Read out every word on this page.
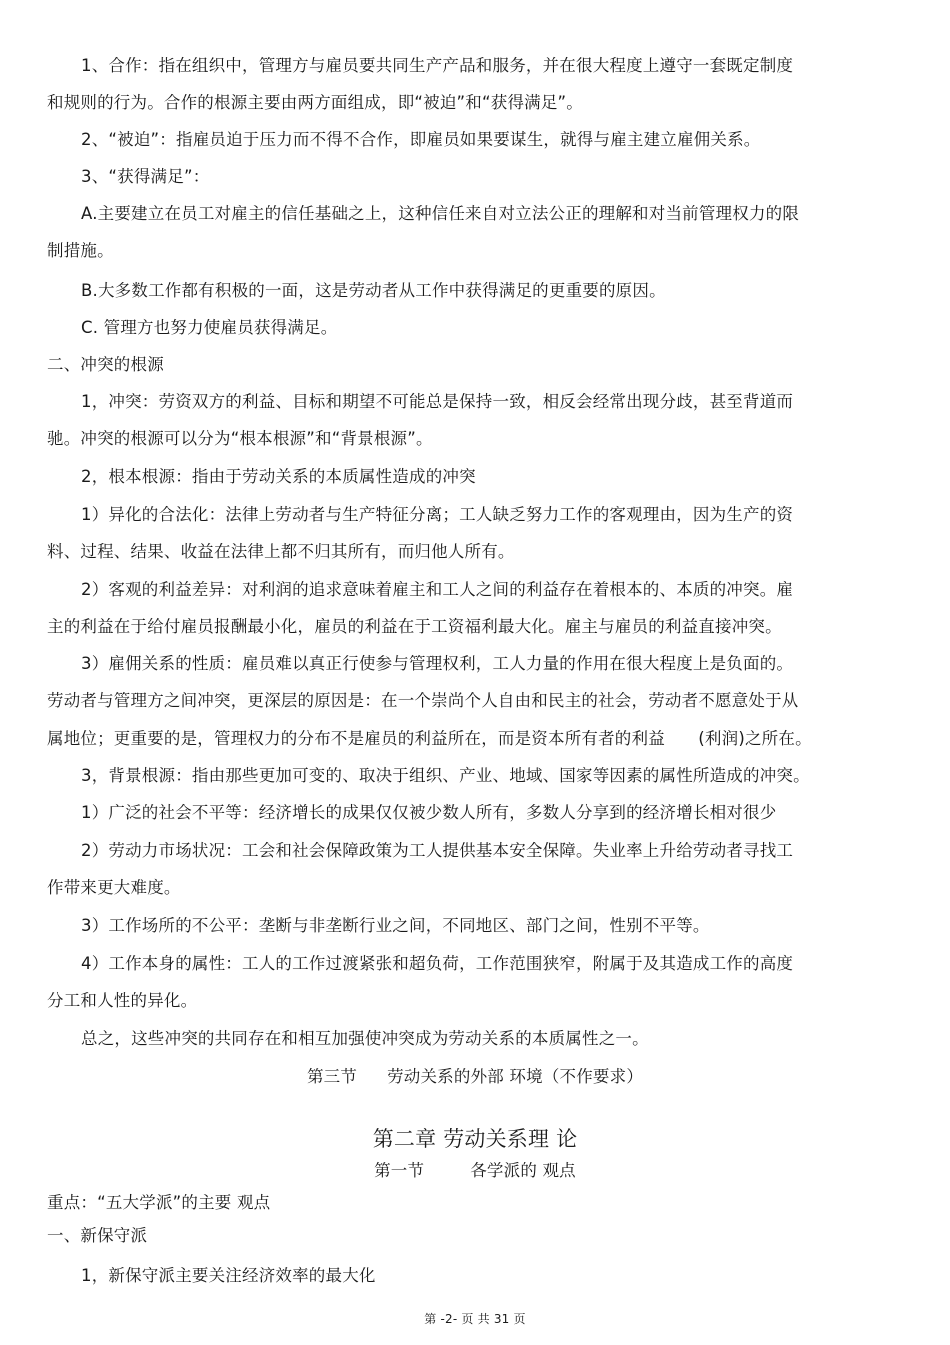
1、合作：指在组织中，管理方与雇员要共同生产产品和服务，并在很大程度上遵守一套既定制度
和规则的行为。合作的根源主要由两方面组成，即“被迫”和“获得满足”。
2、“被迫”：指雇员迫于压力而不得不合作，即雇员如果要谋生，就得与雇主建立雇佣关系。
3、“获得满足”：
A.主要建立在员工对雇主的信任基础之上，这种信任来自对立法公正的理解和对当前管理权力的限
制措施。
B.大多数工作都有积极的一面，这是劳动者从工作中获得满足的更重要的原因。
C. 管理方也努力使雇员获得满足。
二、冲突的根源
1，冲突：劳资双方的利益、目标和期望不可能总是保持一致，相反会经常出现分歧，甚至背道而
驰。冲突的根源可以分为“根本根源”和“背景根源”。
2，根本根源：指由于劳动关系的本质属性造成的冲突
1）异化的合法化：法律上劳动者与生产特征分离；工人缺乏努力工作的客观理由，因为生产的资
料、过程、结果、收益在法律上都不归其所有，而归他人所有。
2）客观的利益差异：对利润的追求意味着雇主和工人之间的利益存在着根本的、本质的冲突。雇
主的利益在于给付雇员报酬最小化，雇员的利益在于工资福利最大化。雇主与雇员的利益直接冲突。
3）雇佣关系的性质：雇员难以真正行使参与管理权利，工人力量的作用在很大程度上是负面的。
劳动者与管理方之间冲突，更深层的原因是：在一个崇尚个人自由和民主的社会，劳动者不愿意处于从
属地位；更重要的是，管理权力的分布不是雇员的利益所在，而是资本所有者的利益　　(利润)之所在。
3，背景根源：指由那些更加可变的、取决于组织、产业、地域、国家等因素的属性所造成的冲突。
1）广泛的社会不平等：经济增长的成果仅仅被少数人所有，多数人分享到的经济增长相对很少
2）劳动力市场状况：工会和社会保障政策为工人提供基本安全保障。失业率上升给劳动者寻找工
作带来更大难度。
3）工作场所的不公平：垄断与非垄断行业之间，不同地区、部门之间，性别不平等。
4）工作本身的属性：工人的工作过渡紧张和超负荷，工作范围狭窄，附属于及其造成工作的高度
分工和人性的异化。
总之，这些冲突的共同存在和相互加强使冲突成为劳动关系的本质属性之一。
第三节 劳动关系的外部 环境（不作要求）
第二章 劳动关系理 论
第一节	各学派的 观点
重点：“五大学派”的主要 观点
一、新保守派
1，新保守派主要关注经济效率的最大化
第 -2- 页 共 31 页
